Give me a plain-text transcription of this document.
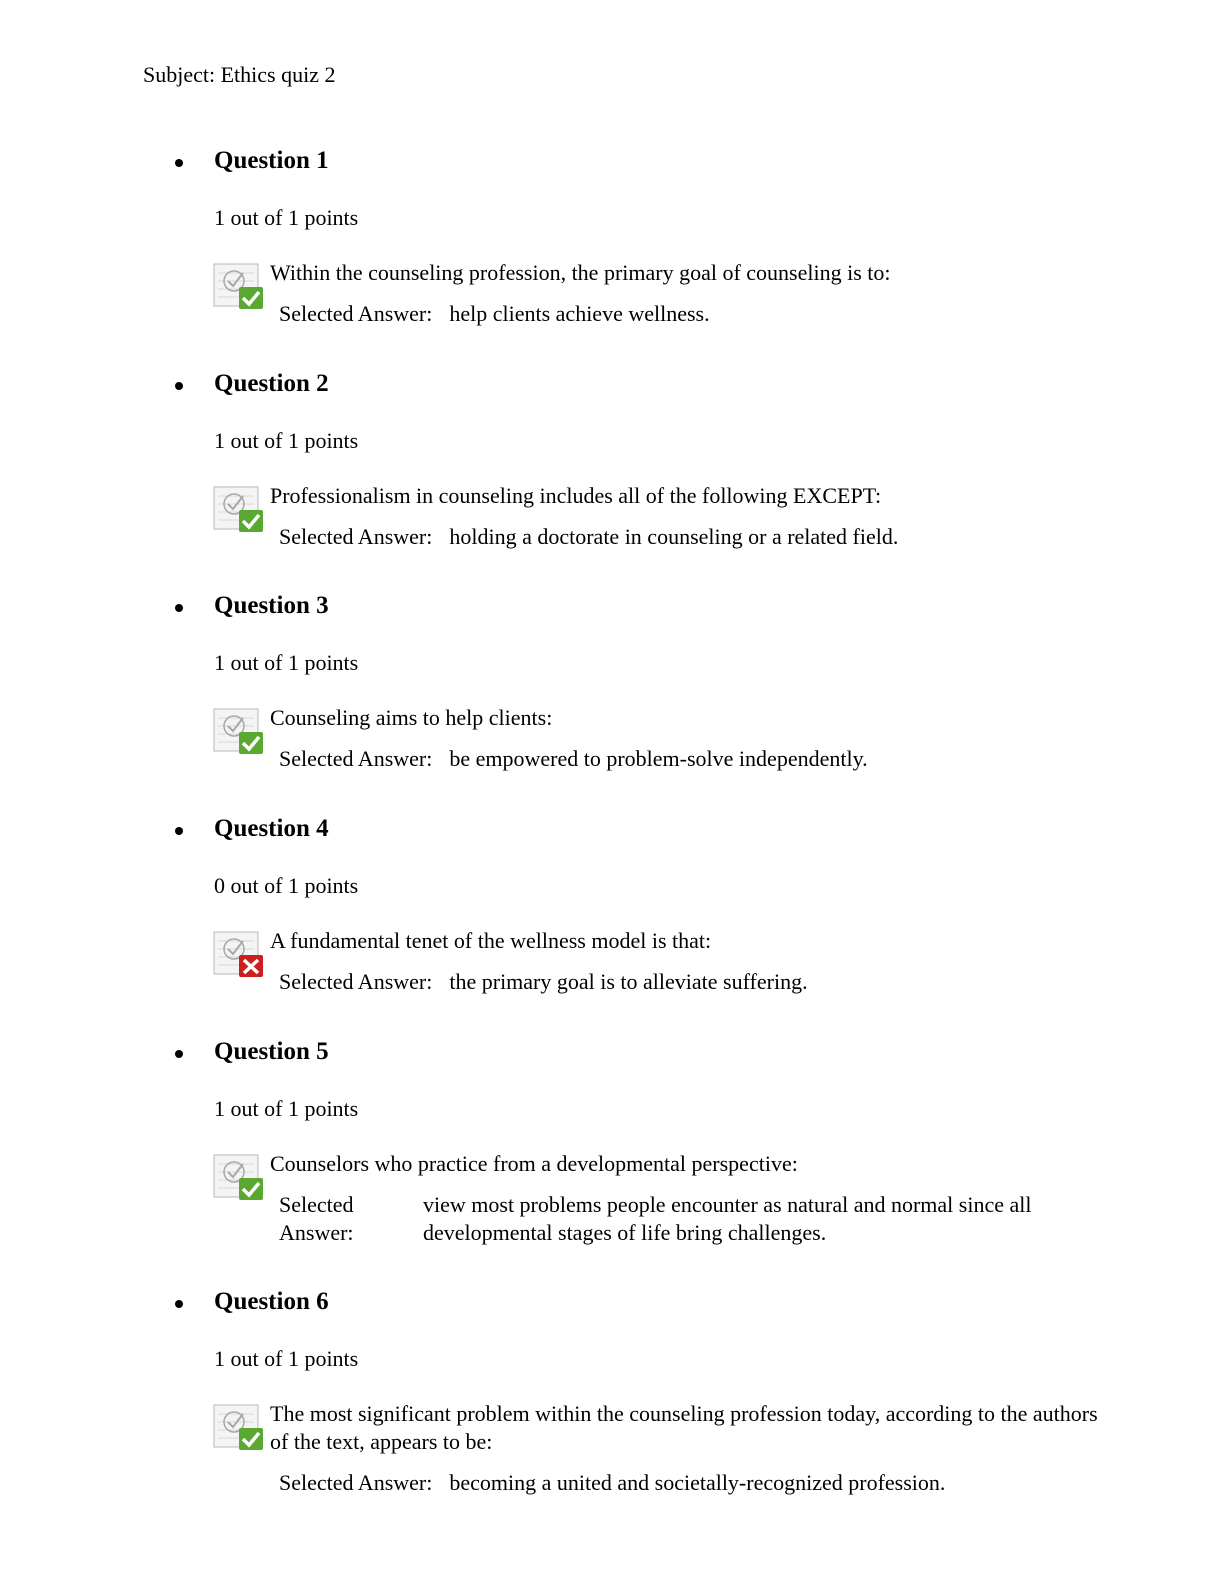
Subject: Ethics quiz 2
Question 1
1 out of 1 points
Within the counseling profession, the primary goal of counseling is to:
Selected Answer: help clients achieve wellness.
Question 2
1 out of 1 points
Professionalism in counseling includes all of the following EXCEPT:
Selected Answer: holding a doctorate in counseling or a related field.
Question 3
1 out of 1 points
Counseling aims to help clients:
Selected Answer: be empowered to problem-solve independently.
Question 4
0 out of 1 points
A fundamental tenet of the wellness model is that:
Selected Answer: the primary goal is to alleviate suffering.
Question 5
1 out of 1 points
Counselors who practice from a developmental perspective:
Selected
Answer:
view most problems people encounter as natural and normal since all developmental stages of life bring challenges.
Question 6
1 out of 1 points
The most significant problem within the counseling profession today, according to the authors of the text, appears to be:
Selected Answer: becoming a united and societally-recognized profession.
